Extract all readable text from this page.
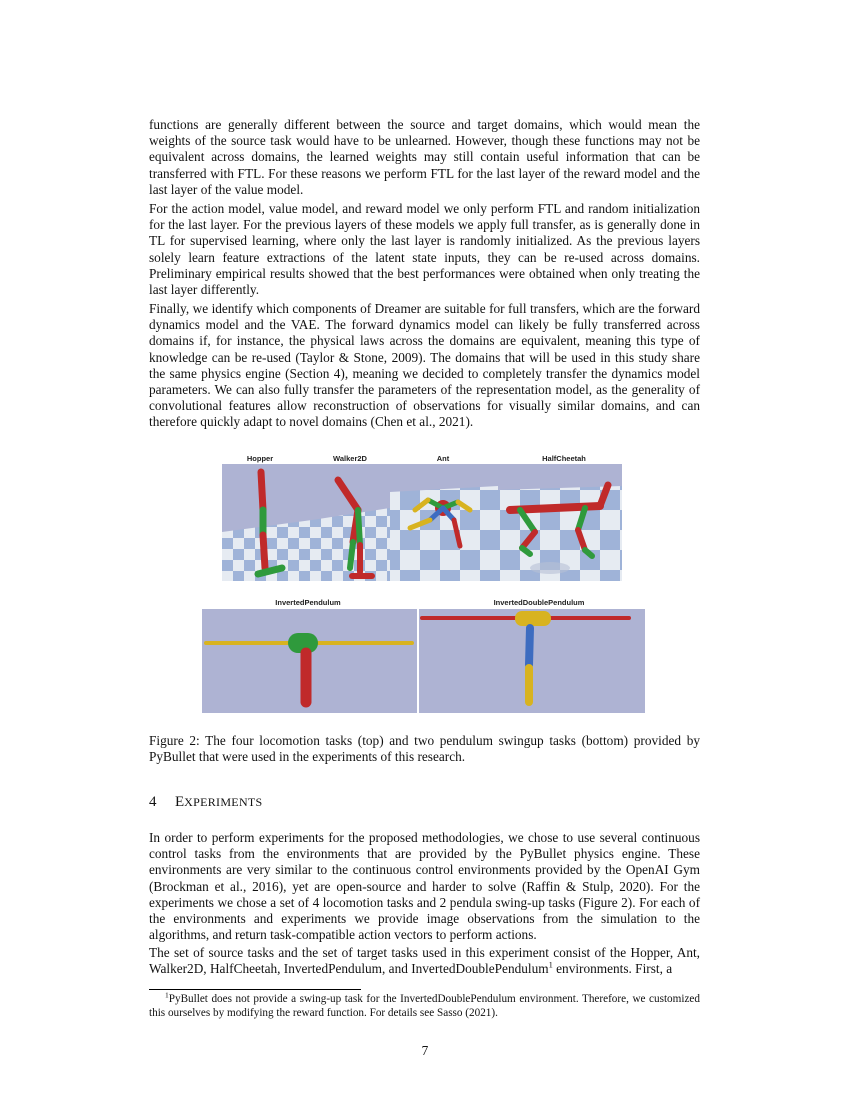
functions are generally different between the source and target domains, which would mean the weights of the source task would have to be unlearned. However, though these functions may not be equivalent across domains, the learned weights may still contain useful information that can be transferred with FTL. For these reasons we perform FTL for the last layer of the reward model and the last layer of the value model.

For the action model, value model, and reward model we only perform FTL and random initialization for the last layer. For the previous layers of these models we apply full transfer, as is generally done in TL for supervised learning, where only the last layer is randomly initialized. As the previous layers solely learn feature extractions of the latent state inputs, they can be re-used across domains. Preliminary empirical results showed that the best performances were obtained when only treating the last layer differently.

Finally, we identify which components of Dreamer are suitable for full transfers, which are the forward dynamics model and the VAE. The forward dynamics model can likely be fully transferred across domains if, for instance, the physical laws across the domains are equivalent, meaning this type of knowledge can be re-used (Taylor & Stone, 2009). The domains that will be used in this study share the same physics engine (Section 4), meaning we decided to completely transfer the dynamics model parameters. We can also fully transfer the parameters of the representation model, as the generality of convolutional features allow reconstruction of observations for visually similar domains, and can therefore quickly adapt to novel domains (Chen et al., 2021).

Hopper	Walker2D	Ant	HalfCheetah
InvertedPendulum	InvertedDoublePendulum

Figure 2: The four locomotion tasks (top) and two pendulum swingup tasks (bottom) provided by PyBullet that were used in the experiments of this research.

4 EXPERIMENTS

In order to perform experiments for the proposed methodologies, we chose to use several continuous control tasks from the environments that are provided by the PyBullet physics engine. These environments are very similar to the continuous control environments provided by the OpenAI Gym (Brockman et al., 2016), yet are open-source and harder to solve (Raffin & Stulp, 2020). For the experiments we chose a set of 4 locomotion tasks and 2 pendula swing-up tasks (Figure 2). For each of the environments and experiments we provide image observations from the simulation to the algorithms, and return task-compatible action vectors to perform actions.

The set of source tasks and the set of target tasks used in this experiment consist of the Hopper, Ant, Walker2D, HalfCheetah, InvertedPendulum, and InvertedDoublePendulum$^1$ environments. First, a

$^1$PyBullet does not provide a swing-up task for the InvertedDoublePendulum environment. Therefore, we customized this ourselves by modifying the reward function. For details see Sasso (2021).

7
